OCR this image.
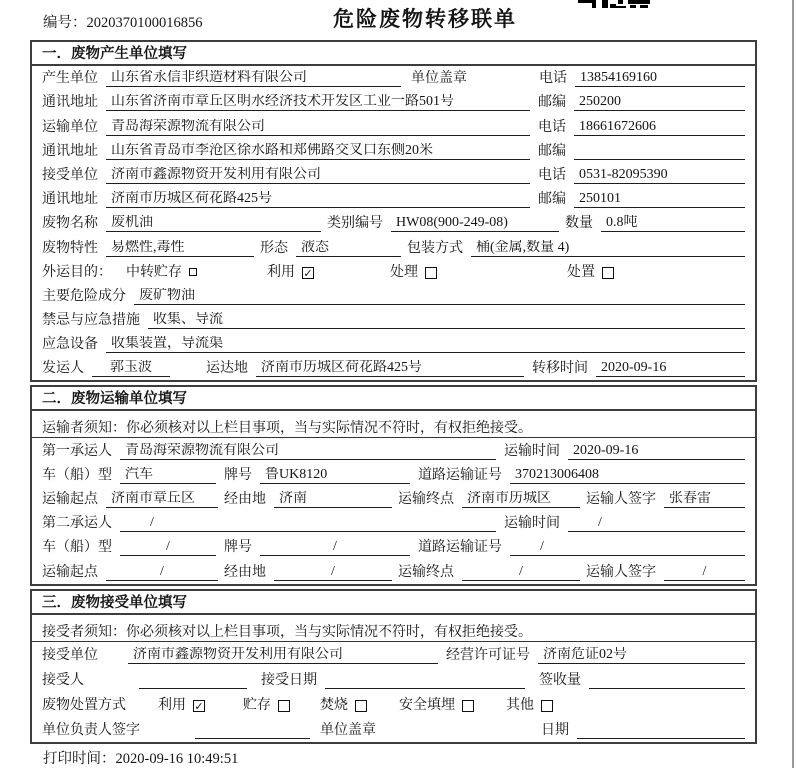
编号：2020370100016856	危险废物转移联单
一．废物产生单位填写
产生单位 山东省永信非织造材料有限公司	单位盖章	电话 13854169160
通讯地址 山东省济南市章丘区明水经济技术开发区工业一路501号	邮编 250200
运输单位 青岛海荣源物流有限公司	电话 18661672606
通讯地址 山东省青岛市李沧区徐水路和郑佛路交叉口东侧20米	邮编
接受单位 济南市鑫源物资开发利用有限公司	电话 0531-82095390
通讯地址 济南市历城区荷花路425号	邮编 250101
废物名称 废机油	类别编号 HW08(900-249-08)	数量 0.8吨
废物特性 易燃性,毒性	形态 液态	包装方式 桶(金属,数量 4)
外运目的： 中转贮存	利用 ✓	处理	处置
主要危险成分 废矿物油
禁忌与应急措施 收集、导流
应急设备 收集装置，导流渠
发运人	郭玉波	运达地 济南市历城区荷花路425号	转移时间 2020-09-16
二．废物运输单位填写
运输者须知：你必须核对以上栏目事项，当与实际情况不符时，有权拒绝接受。
第一承运人 青岛海荣源物流有限公司	运输时间 2020-09-16
车（船）型 汽车	牌号 鲁UK8120	道路运输证号 370213006408
运输起点 济南市章丘区	经由地 济南	运输终点 济南市历城区	运输人签字 张春雷
第二承运人	/	运输时间	/
车（船）型	/	牌号	/	道路运输证号	/
运输起点	/	经由地	/	运输终点	/	运输人签字	/
三．废物接受单位填写
接受者须知：你必须核对以上栏目事项，当与实际情况不符时，有权拒绝接受。
接受单位	济南市鑫源物资开发利用有限公司	经营许可证号 济南危证02号
接受人	接受日期	签收量
废物处置方式 利用 ✓	贮存	焚烧	安全填埋	其他
单位负责人签字	单位盖章	日期
打印时间：2020-09-16 10:49:51
